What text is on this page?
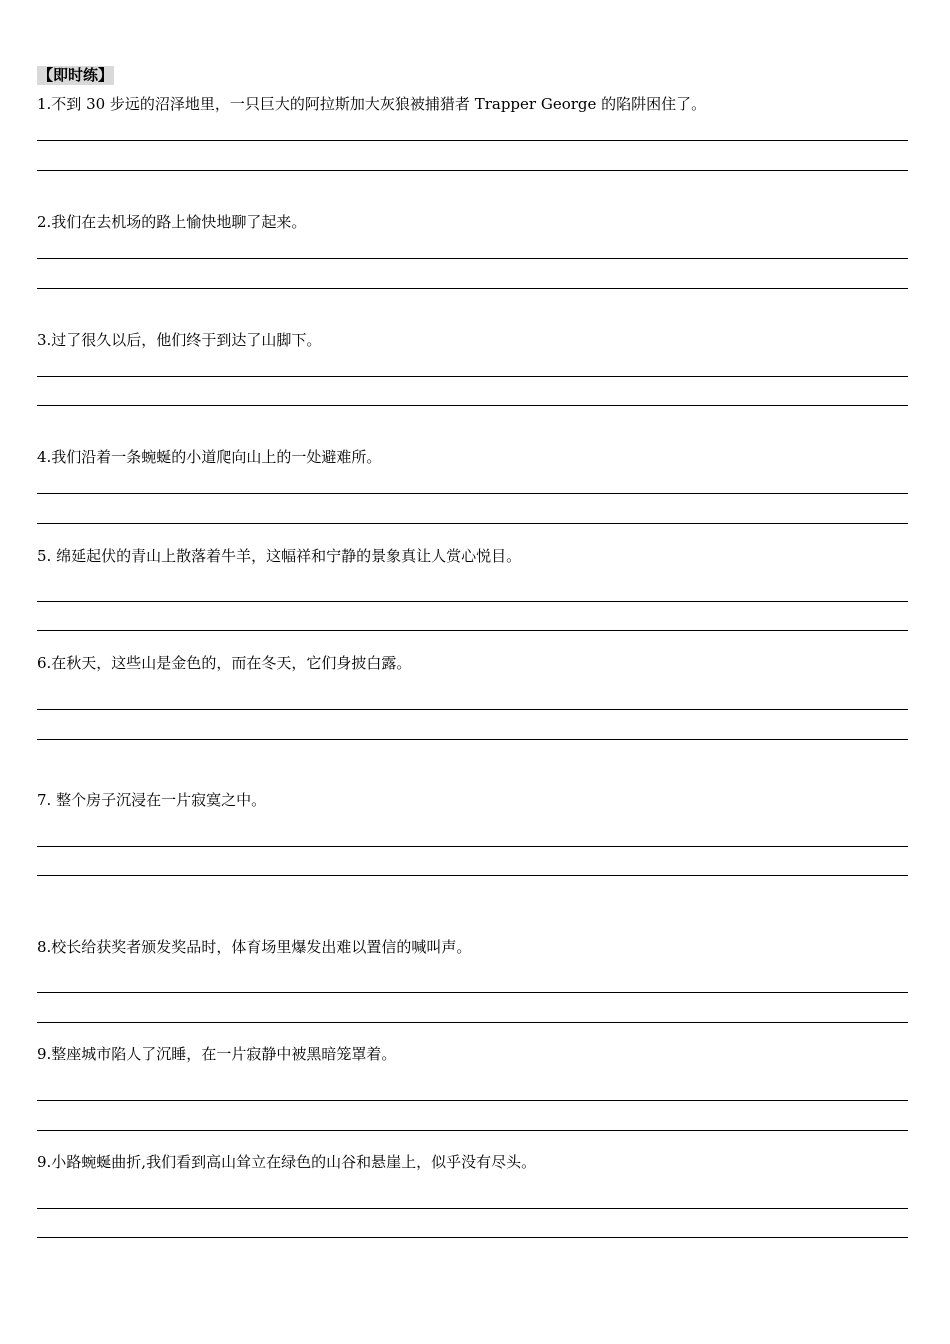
【即时练】
1.不到 30 步远的沼泽地里，一只巨大的阿拉斯加大灰狼被捕猎者 Trapper George 的陷阱困住了。
2.我们在去机场的路上愉快地聊了起来。
3.过了很久以后，他们终于到达了山脚下。
4.我们沿着一条蜿蜒的小道爬向山上的一处避难所。
5. 绵延起伏的青山上散落着牛羊，这幅祥和宁静的景象真让人赏心悦目。
6.在秋天，这些山是金色的，而在冬天，它们身披白露。
7. 整个房子沉浸在一片寂寞之中。
8.校长给获奖者颁发奖品时，体育场里爆发出难以置信的喊叫声。
9.整座城市陷人了沉睡，在一片寂静中被黑暗笼罩着。
9.小路蜿蜒曲折,我们看到高山耸立在绿色的山谷和悬崖上，似乎没有尽头。
